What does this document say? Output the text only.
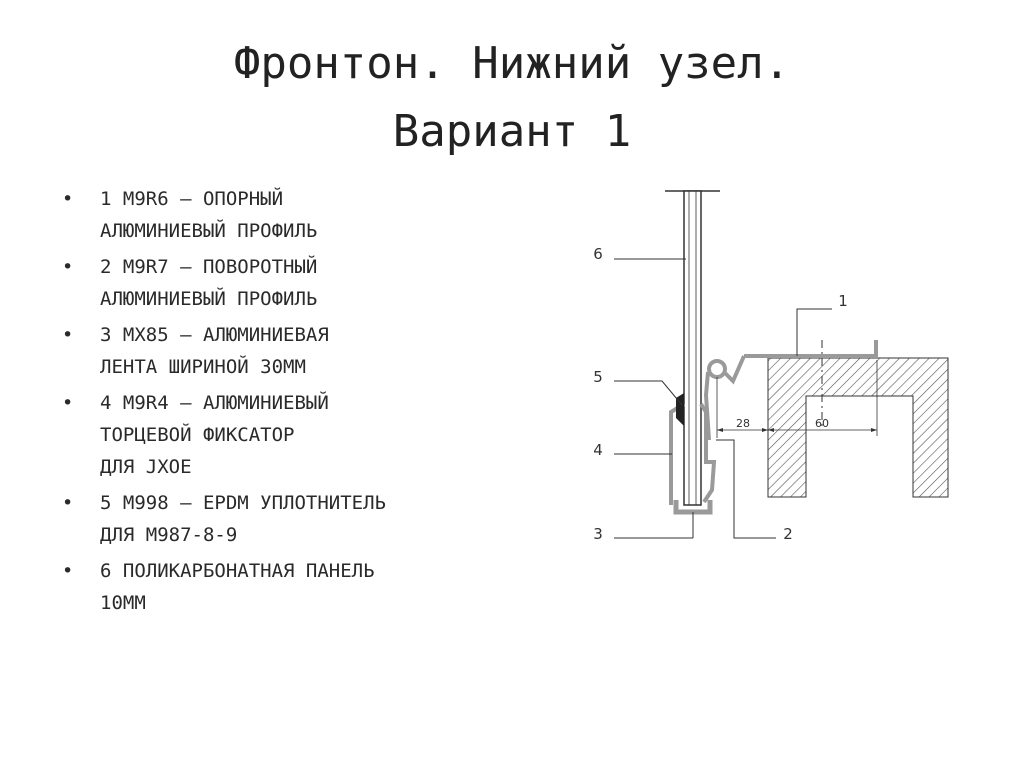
Фронтон. Нижний узел.
Вариант 1
• 1 M9R6 – ОПОРНЫЙ
АЛЮМИНИЕВЫЙ ПРОФИЛЬ
• 2 M9R7 – ПОВОРОТНЫЙ
АЛЮМИНИЕВЫЙ ПРОФИЛЬ
• 3 MX85 – АЛЮМИНИЕВАЯ
ЛЕНТА ШИРИНОЙ 30ММ
• 4 M9R4 – АЛЮМИНИЕВЫЙ
ТОРЦЕВОЙ ФИКСАТОР
ДЛЯ JXOE
• 5 M998 – EPDM УПЛОТНИТЕЛЬ
ДЛЯ M987-8-9
• 6 ПОЛИКАРБОНАТНАЯ ПАНЕЛЬ
10ММ
28	60
1
2
3
4
5
6
